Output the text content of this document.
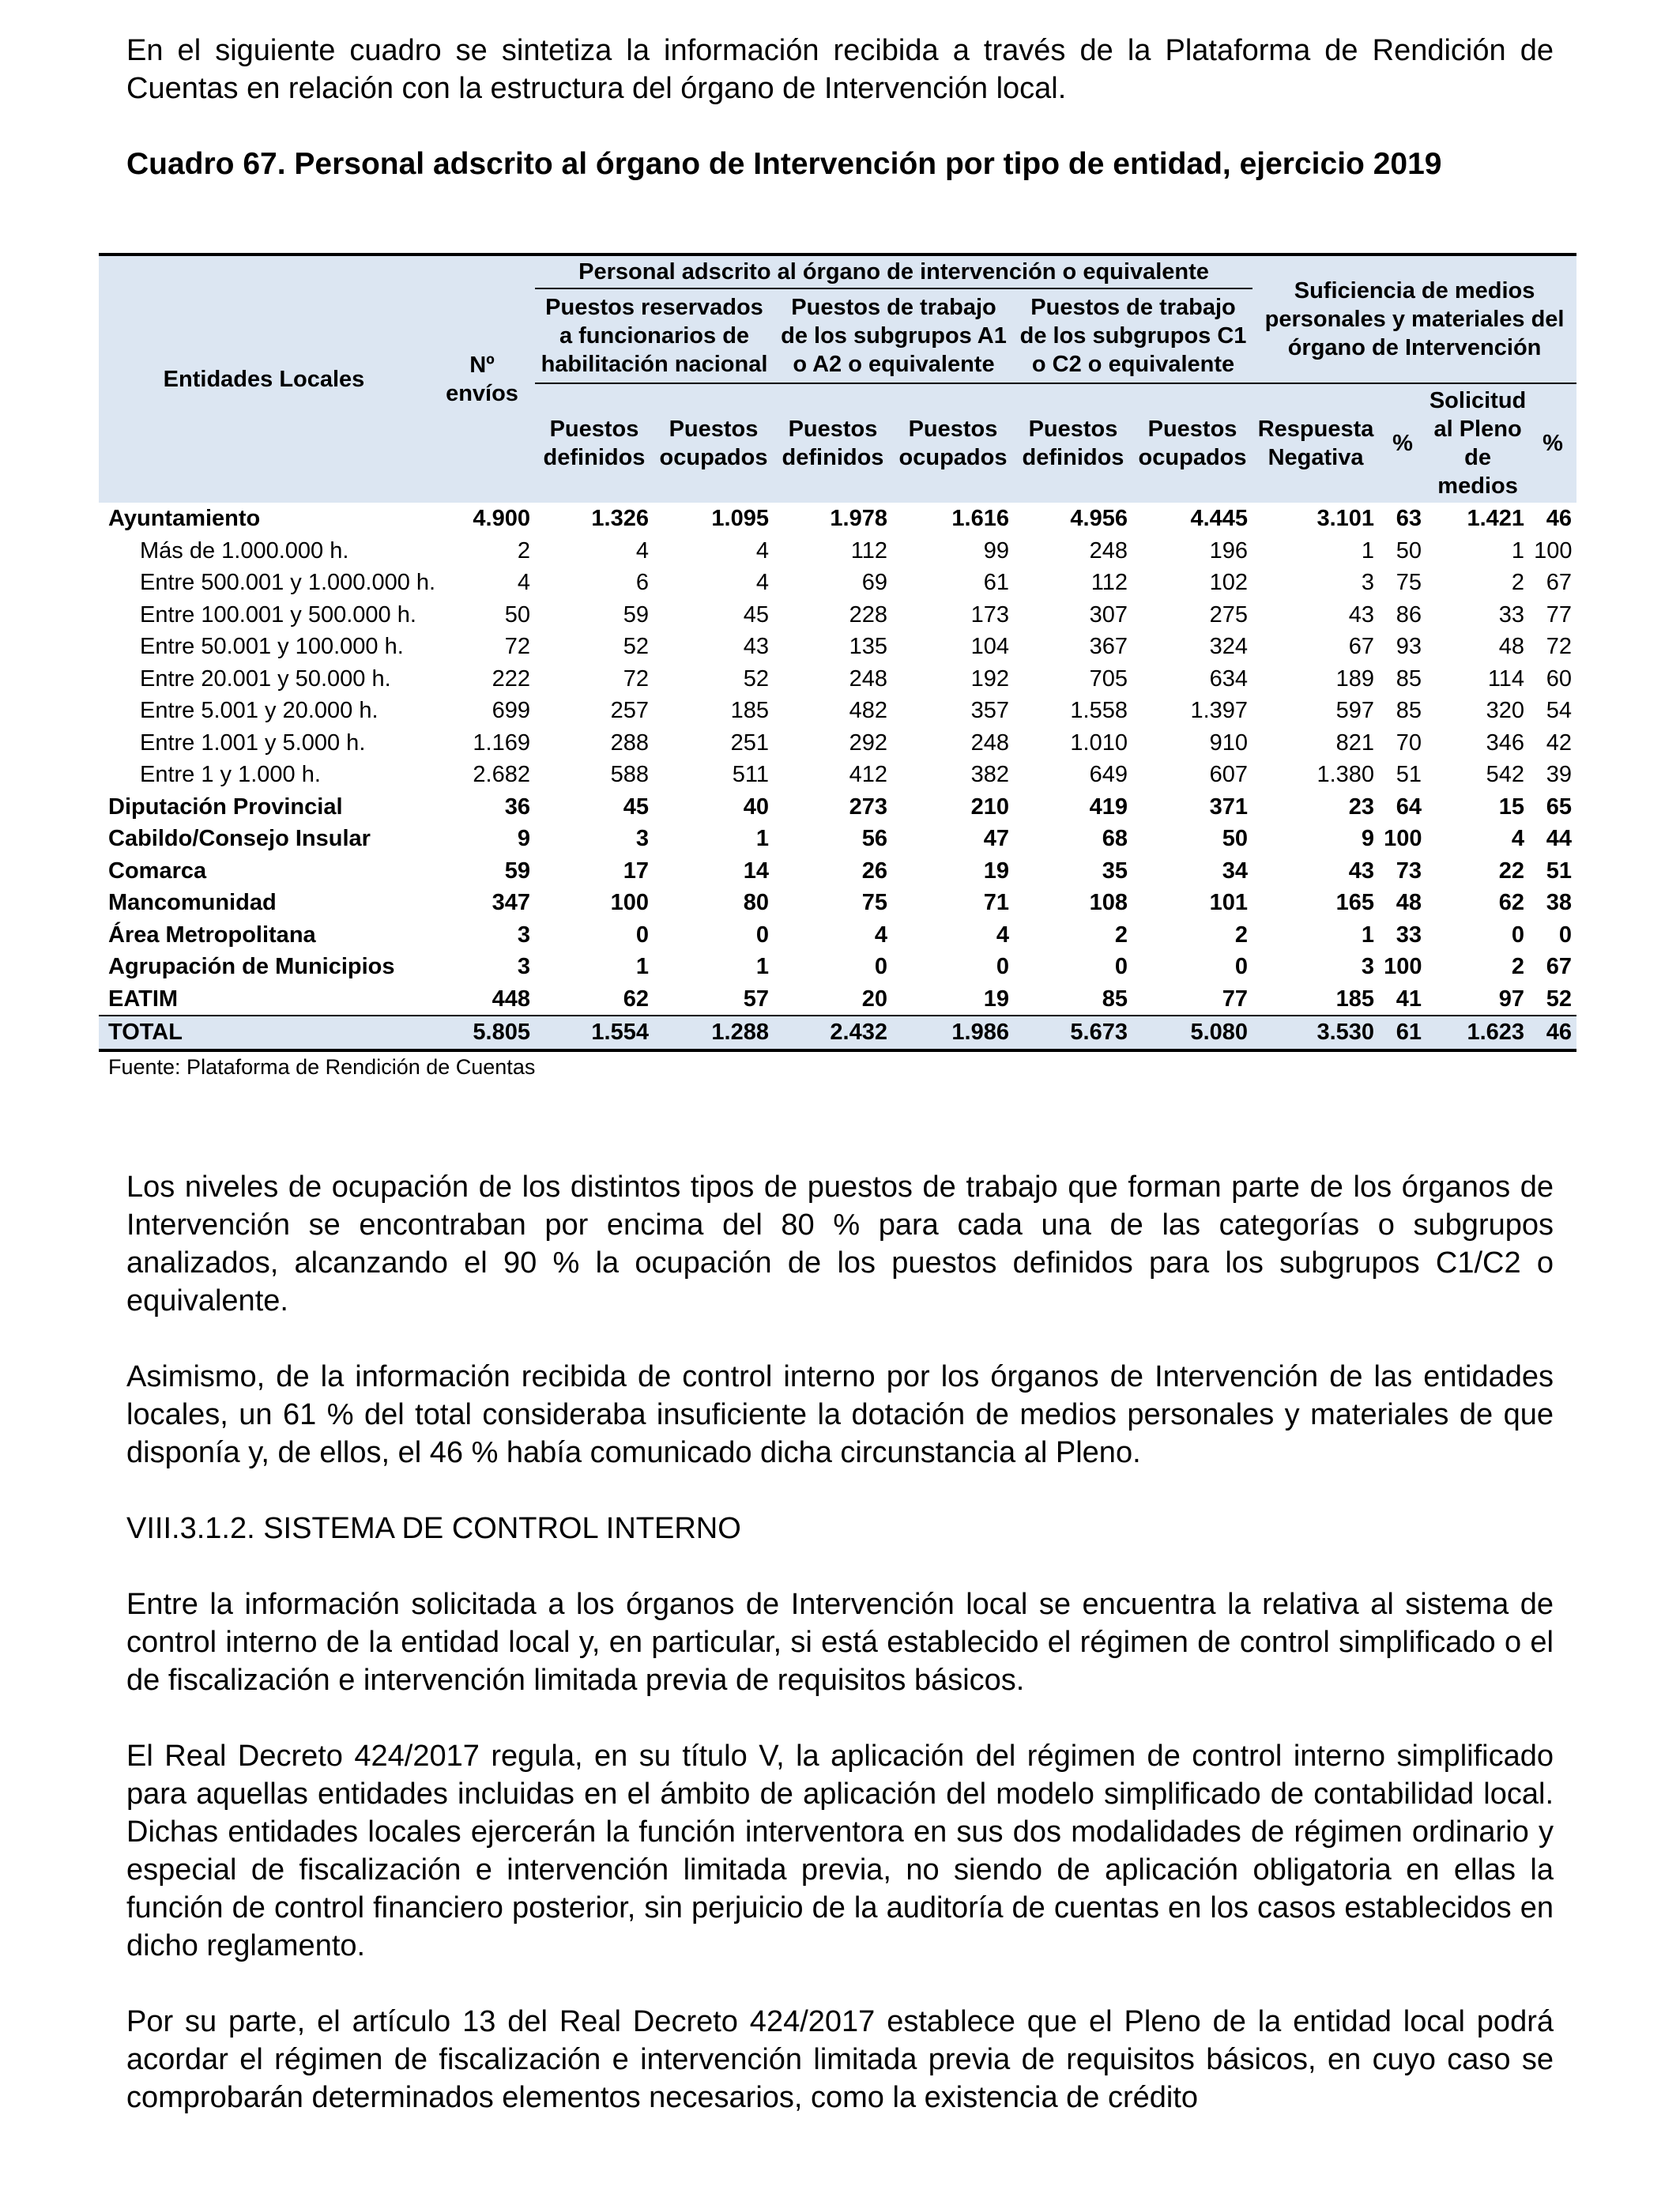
En el siguiente cuadro se sintetiza la información recibida a través de la Plataforma de Rendición de Cuentas en relación con la estructura del órgano de Intervención local.

Cuadro 67. Personal adscrito al órgano de Intervención por tipo de entidad, ejercicio 2019
Entidades Locales	Nº envíos	Personal adscrito al órgano de intervención o equivalente						Suficiencia de medios personales y materiales del órgano de Intervención			
		Puestos reservados a funcionarios de habilitación nacional		Puestos de trabajo de los subgrupos A1 o A2 o equivalente		Puestos de trabajo de los subgrupos C1 o C2 o equivalente					
		Puestos definidos	Puestos ocupados	Puestos definidos	Puestos ocupados	Puestos definidos	Puestos ocupados	Respuesta Negativa	%	Solicitud al Pleno de medios	%
Ayuntamiento	4.900	1.326	1.095	1.978	1.616	4.956	4.445	3.101	63	1.421	46
Más de 1.000.000 h.	2	4	4	112	99	248	196	1	50	1	100
Entre 500.001 y 1.000.000 h.	4	6	4	69	61	112	102	3	75	2	67
Entre 100.001 y 500.000 h.	50	59	45	228	173	307	275	43	86	33	77
Entre 50.001 y 100.000 h.	72	52	43	135	104	367	324	67	93	48	72
Entre 20.001 y 50.000 h.	222	72	52	248	192	705	634	189	85	114	60
Entre 5.001 y 20.000 h.	699	257	185	482	357	1.558	1.397	597	85	320	54
Entre 1.001 y 5.000 h.	1.169	288	251	292	248	1.010	910	821	70	346	42
Entre 1 y 1.000 h.	2.682	588	511	412	382	649	607	1.380	51	542	39
Diputación Provincial	36	45	40	273	210	419	371	23	64	15	65
Cabildo/Consejo Insular	9	3	1	56	47	68	50	9	100	4	44
Comarca	59	17	14	26	19	35	34	43	73	22	51
Mancomunidad	347	100	80	75	71	108	101	165	48	62	38
Área Metropolitana	3	0	0	4	4	2	2	1	33	0	0
Agrupación de Municipios	3	1	1	0	0	0	0	3	100	2	67
EATIM	448	62	57	20	19	85	77	185	41	97	52
TOTAL	5.805	1.554	1.288	2.432	1.986	5.673	5.080	3.530	61	1.623	46
Fuente: Plataforma de Rendición de Cuentas

Los niveles de ocupación de los distintos tipos de puestos de trabajo que forman parte de los órganos de Intervención se encontraban por encima del 80 % para cada una de las categorías o subgrupos analizados, alcanzando el 90 % la ocupación de los puestos definidos para los subgrupos C1/C2 o equivalente.

Asimismo, de la información recibida de control interno por los órganos de Intervención de las entidades locales, un 61 % del total consideraba insuficiente la dotación de medios personales y materiales de que disponía y, de ellos, el 46 % había comunicado dicha circunstancia al Pleno.

VIII.3.1.2. SISTEMA DE CONTROL INTERNO

Entre la información solicitada a los órganos de Intervención local se encuentra la relativa al sistema de control interno de la entidad local y, en particular, si está establecido el régimen de control simplificado o el de fiscalización e intervención limitada previa de requisitos básicos.

El Real Decreto 424/2017 regula, en su título V, la aplicación del régimen de control interno simplificado para aquellas entidades incluidas en el ámbito de aplicación del modelo simplificado de contabilidad local. Dichas entidades locales ejercerán la función interventora en sus dos modalidades de régimen ordinario y especial de fiscalización e intervención limitada previa, no siendo de aplicación obligatoria en ellas la función de control financiero posterior, sin perjuicio de la auditoría de cuentas en los casos establecidos en dicho reglamento.

Por su parte, el artículo 13 del Real Decreto 424/2017 establece que el Pleno de la entidad local podrá acordar el régimen de fiscalización e intervención limitada previa de requisitos básicos, en cuyo caso se comprobarán determinados elementos necesarios, como la existencia de crédito
